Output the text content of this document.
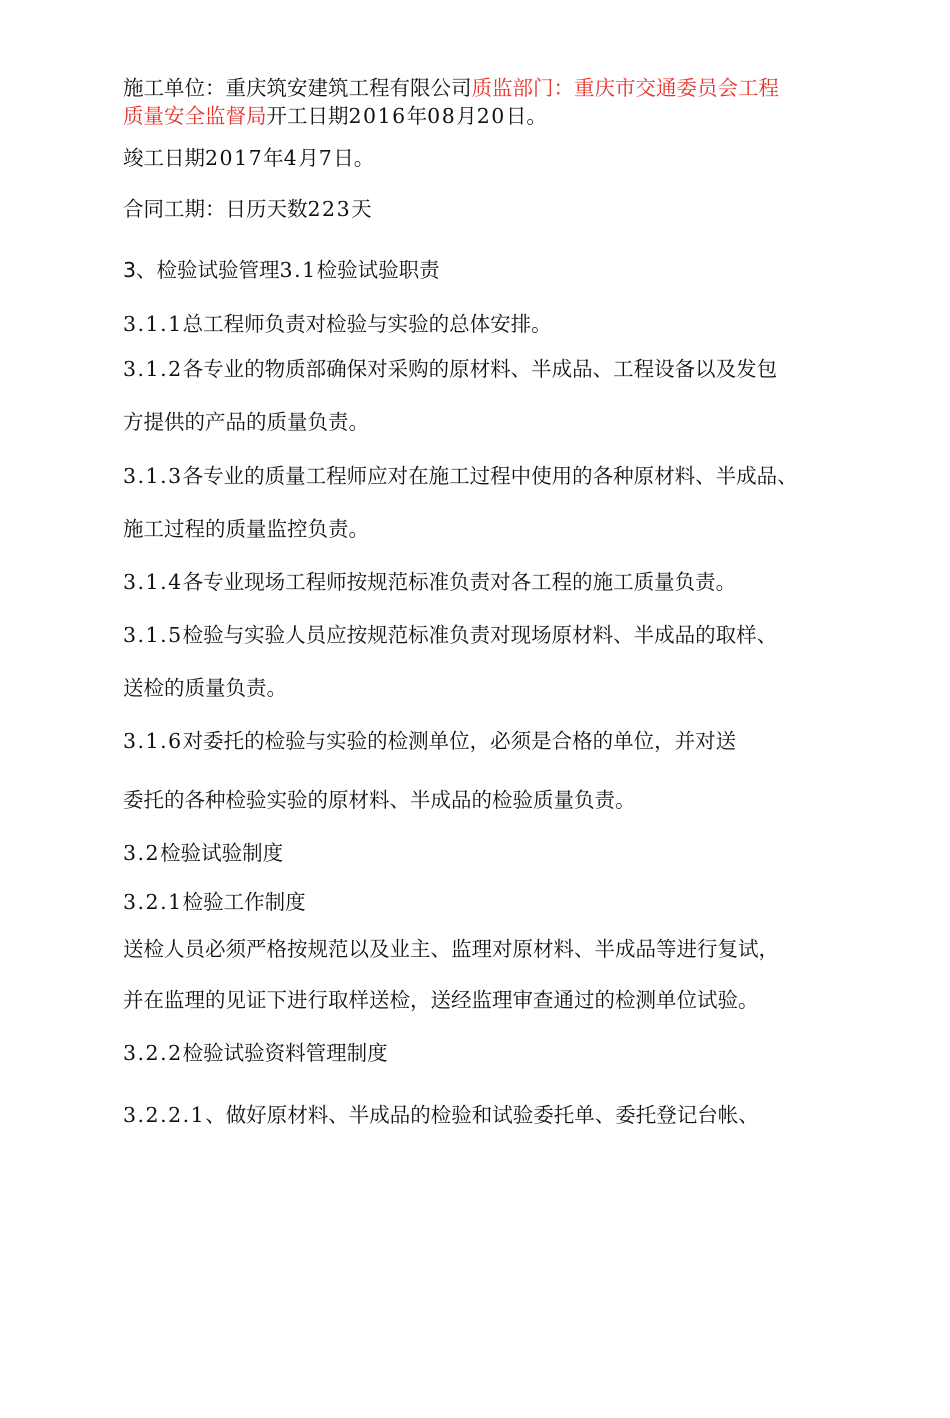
施工单位：重庆筑安建筑工程有限公司质监部门：重庆市交通委员会工程

质量安全监督局开工日期2016年08月20日。

竣工日期2017年4月7日。

合同工期：日历天数223天

3、检验试验管理3.1检验试验职责

3.1.1总工程师负责对检验与实验的总体安排。

3.1.2各专业的物质部确保对采购的原材料、半成品、工程设备以及发包

方提供的产品的质量负责。

3.1.3各专业的质量工程师应对在施工过程中使用的各种原材料、半成品、

施工过程的质量监控负责。

3.1.4各专业现场工程师按规范标准负责对各工程的施工质量负责。

3.1.5检验与实验人员应按规范标准负责对现场原材料、半成品的取样、

送检的质量负责。

3.1.6对委托的检验与实验的检测单位，必须是合格的单位，并对送

委托的各种检验实验的原材料、半成品的检验质量负责。

3.2检验试验制度

3.2.1检验工作制度

送检人员必须严格按规范以及业主、监理对原材料、半成品等进行复试，

并在监理的见证下进行取样送检，送经监理审查通过的检测单位试验。

3.2.2检验试验资料管理制度

3.2.2.1、做好原材料、半成品的检验和试验委托单、委托登记台帐、
